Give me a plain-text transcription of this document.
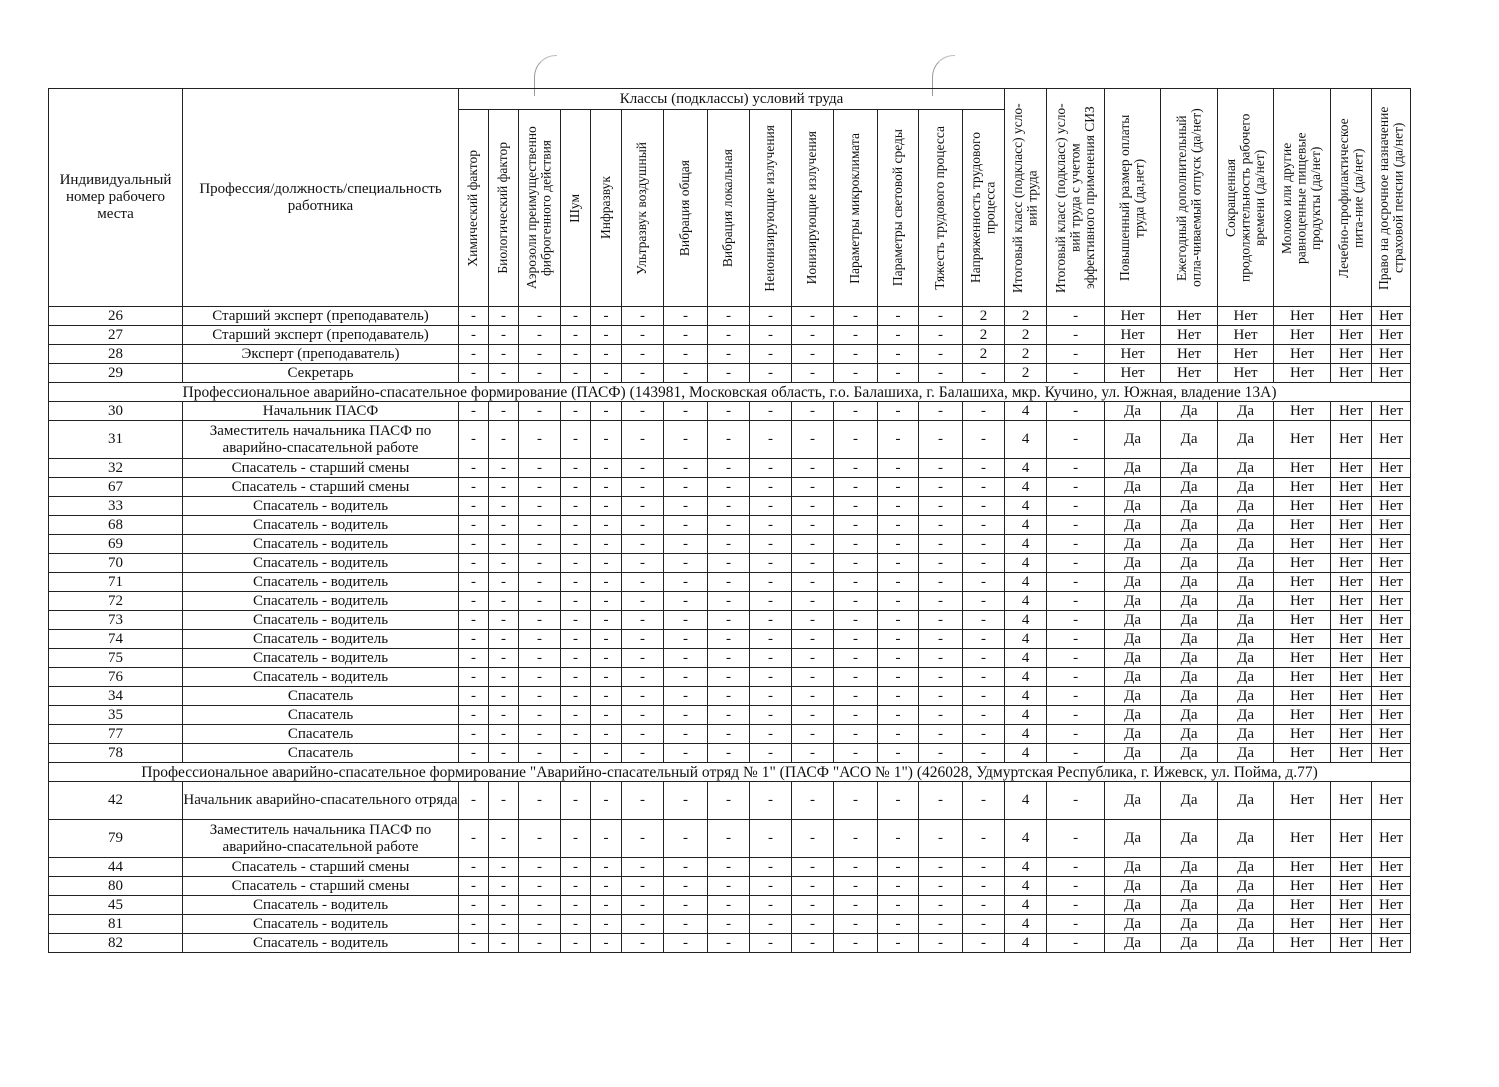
Индивидуальный номер рабочего места	Профессия/должность/специальность работника	Классы (подклассы) условий труда														Итоговый класс (подкласс) усло-вий труда	Итоговый класс (подкласс) усло-вий труда с учетом эффективного применения СИЗ	Повышенный размер оплаты труда (да,нет)	Ежегодный дополнительный опла-чиваемый отпуск (да/нет)	Сокращенная продолжительность рабочего времени (да/нет)	Молоко или другие равноценные пищевые продукты (да/нет)	Лечебно-профилактическое пита-ние (да/нет)	Право на досрочное назначение страховой пенсии (да/нет)

		Химический фактор	Биологический фактор	Аэрозоли преимущественно фиброгенного действия	Шум	Инфразвук	Ультразвук воздушный	Вибрация общая	Вибрация локальная	Неионизирующие излучения	Ионизирующие излучения	Параметры микроклимата	Параметры световой среды	Тяжесть трудового процесса	Напряженность трудового процесса								

26	Старший эксперт (преподаватель)	-	-	-	-	-	-	-	-	-	-	-	-	-	2	2	-	Нет	Нет	Нет	Нет	Нет	Нет
27	Старший эксперт (преподаватель)	-	-	-	-	-	-	-	-	-	-	-	-	-	2	2	-	Нет	Нет	Нет	Нет	Нет	Нет
28	Эксперт (преподаватель)	-	-	-	-	-	-	-	-	-	-	-	-	-	2	2	-	Нет	Нет	Нет	Нет	Нет	Нет
29	Секретарь	-	-	-	-	-	-	-	-	-	-	-	-	-	-	2	-	Нет	Нет	Нет	Нет	Нет	Нет
Профессиональное аварийно-спасательное формирование (ПАСФ) (143981, Московская область, г.о. Балашиха, г. Балашиха, мкр. Кучино, ул. Южная, владение 13А)																							
30	Начальник ПАСФ	-	-	-	-	-	-	-	-	-	-	-	-	-	-	4	-	Да	Да	Да	Нет	Нет	Нет
31	Заместитель начальника ПАСФ по аварийно-спасательной работе	-	-	-	-	-	-	-	-	-	-	-	-	-	-	4	-	Да	Да	Да	Нет	Нет	Нет
32	Спасатель - старший смены	-	-	-	-	-	-	-	-	-	-	-	-	-	-	4	-	Да	Да	Да	Нет	Нет	Нет
67	Спасатель - старший смены	-	-	-	-	-	-	-	-	-	-	-	-	-	-	4	-	Да	Да	Да	Нет	Нет	Нет
33	Спасатель - водитель	-	-	-	-	-	-	-	-	-	-	-	-	-	-	4	-	Да	Да	Да	Нет	Нет	Нет
68	Спасатель - водитель	-	-	-	-	-	-	-	-	-	-	-	-	-	-	4	-	Да	Да	Да	Нет	Нет	Нет
69	Спасатель - водитель	-	-	-	-	-	-	-	-	-	-	-	-	-	-	4	-	Да	Да	Да	Нет	Нет	Нет
70	Спасатель - водитель	-	-	-	-	-	-	-	-	-	-	-	-	-	-	4	-	Да	Да	Да	Нет	Нет	Нет
71	Спасатель - водитель	-	-	-	-	-	-	-	-	-	-	-	-	-	-	4	-	Да	Да	Да	Нет	Нет	Нет
72	Спасатель - водитель	-	-	-	-	-	-	-	-	-	-	-	-	-	-	4	-	Да	Да	Да	Нет	Нет	Нет
73	Спасатель - водитель	-	-	-	-	-	-	-	-	-	-	-	-	-	-	4	-	Да	Да	Да	Нет	Нет	Нет
74	Спасатель - водитель	-	-	-	-	-	-	-	-	-	-	-	-	-	-	4	-	Да	Да	Да	Нет	Нет	Нет
75	Спасатель - водитель	-	-	-	-	-	-	-	-	-	-	-	-	-	-	4	-	Да	Да	Да	Нет	Нет	Нет
76	Спасатель - водитель	-	-	-	-	-	-	-	-	-	-	-	-	-	-	4	-	Да	Да	Да	Нет	Нет	Нет
34	Спасатель	-	-	-	-	-	-	-	-	-	-	-	-	-	-	4	-	Да	Да	Да	Нет	Нет	Нет
35	Спасатель	-	-	-	-	-	-	-	-	-	-	-	-	-	-	4	-	Да	Да	Да	Нет	Нет	Нет
77	Спасатель	-	-	-	-	-	-	-	-	-	-	-	-	-	-	4	-	Да	Да	Да	Нет	Нет	Нет
78	Спасатель	-	-	-	-	-	-	-	-	-	-	-	-	-	-	4	-	Да	Да	Да	Нет	Нет	Нет
Профессиональное аварийно-спасательное формирование "Аварийно-спасательный отряд № 1" (ПАСФ "АСО № 1") (426028, Удмуртская Республика, г. Ижевск, ул. Пойма, д.77)																							
42	Начальник аварийно-спасательного отряда	-	-	-	-	-	-	-	-	-	-	-	-	-	-	4	-	Да	Да	Да	Нет	Нет	Нет
79	Заместитель начальника ПАСФ по аварийно-спасательной работе	-	-	-	-	-	-	-	-	-	-	-	-	-	-	4	-	Да	Да	Да	Нет	Нет	Нет
44	Спасатель - старший смены	-	-	-	-	-	-	-	-	-	-	-	-	-	-	4	-	Да	Да	Да	Нет	Нет	Нет
80	Спасатель - старший смены	-	-	-	-	-	-	-	-	-	-	-	-	-	-	4	-	Да	Да	Да	Нет	Нет	Нет
45	Спасатель - водитель	-	-	-	-	-	-	-	-	-	-	-	-	-	-	4	-	Да	Да	Да	Нет	Нет	Нет
81	Спасатель - водитель	-	-	-	-	-	-	-	-	-	-	-	-	-	-	4	-	Да	Да	Да	Нет	Нет	Нет
82	Спасатель - водитель	-	-	-	-	-	-	-	-	-	-	-	-	-	-	4	-	Да	Да	Да	Нет	Нет	Нет
